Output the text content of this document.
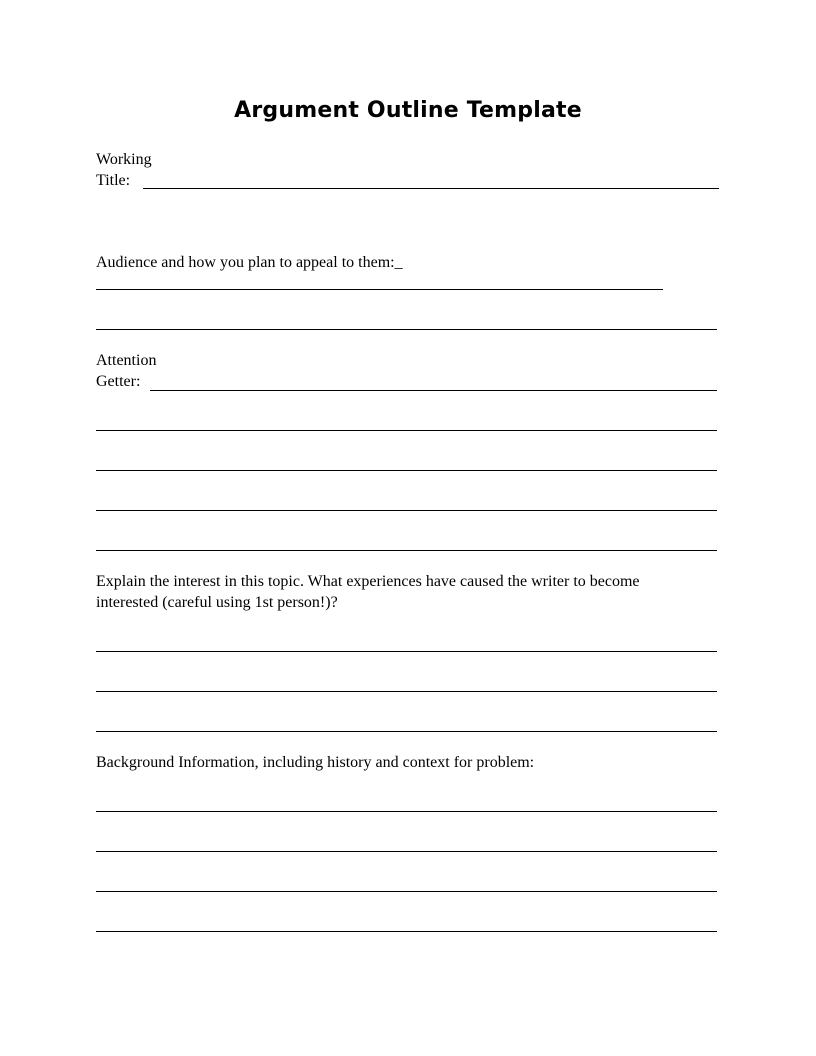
Argument Outline Template
Working
Title:
Audience and how you plan to appeal to them:_
Attention
Getter:
Explain the interest in this topic. What experiences have caused the writer to become
interested (careful using 1st person!)?
Background Information, including history and context for problem:
